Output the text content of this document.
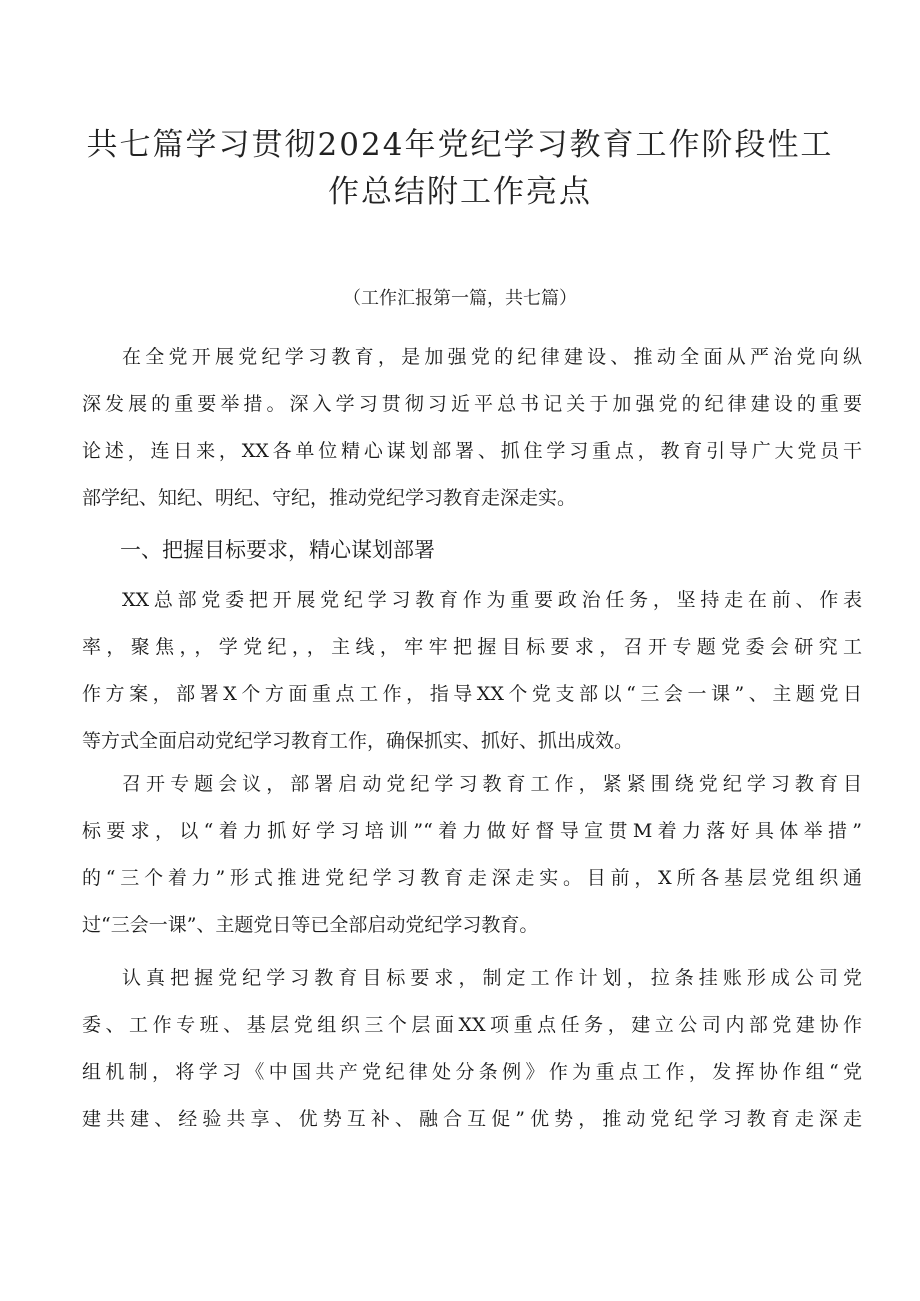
共七篇学习贯彻2024年党纪学习教育工作阶段性工
作总结附工作亮点
（工作汇报第一篇，共七篇）
在全党开展党纪学习教育，是加强党的纪律建设、推动全面从严治党向纵
深发展的重要举措。深入学习贯彻习近平总书记关于加强党的纪律建设的重要
论述，连日来，XX各单位精心谋划部署、抓住学习重点，教育引导广大党员干
部学纪、知纪、明纪、守纪，推动党纪学习教育走深走实。
一、把握目标要求，精心谋划部署
XX总部党委把开展党纪学习教育作为重要政治任务，坚持走在前、作表
率，聚焦，，学党纪，，主线，牢牢把握目标要求，召开专题党委会研究工
作方案，部署X个方面重点工作，指导XX个党支部以“三会一课”、主题党日
等方式全面启动党纪学习教育工作，确保抓实、抓好、抓出成效。
召开专题会议，部署启动党纪学习教育工作，紧紧围绕党纪学习教育目
标要求，以“着力抓好学习培训”“着力做好督导宣贯M着力落好具体举措”
的“三个着力”形式推进党纪学习教育走深走实。目前，X所各基层党组织通
过“三会一课”、主题党日等已全部启动党纪学习教育。
认真把握党纪学习教育目标要求，制定工作计划，拉条挂账形成公司党
委、工作专班、基层党组织三个层面XX项重点任务，建立公司内部党建协作
组机制，将学习《中国共产党纪律处分条例》作为重点工作，发挥协作组“党
建共建、经验共享、优势互补、融合互促”优势，推动党纪学习教育走深走
